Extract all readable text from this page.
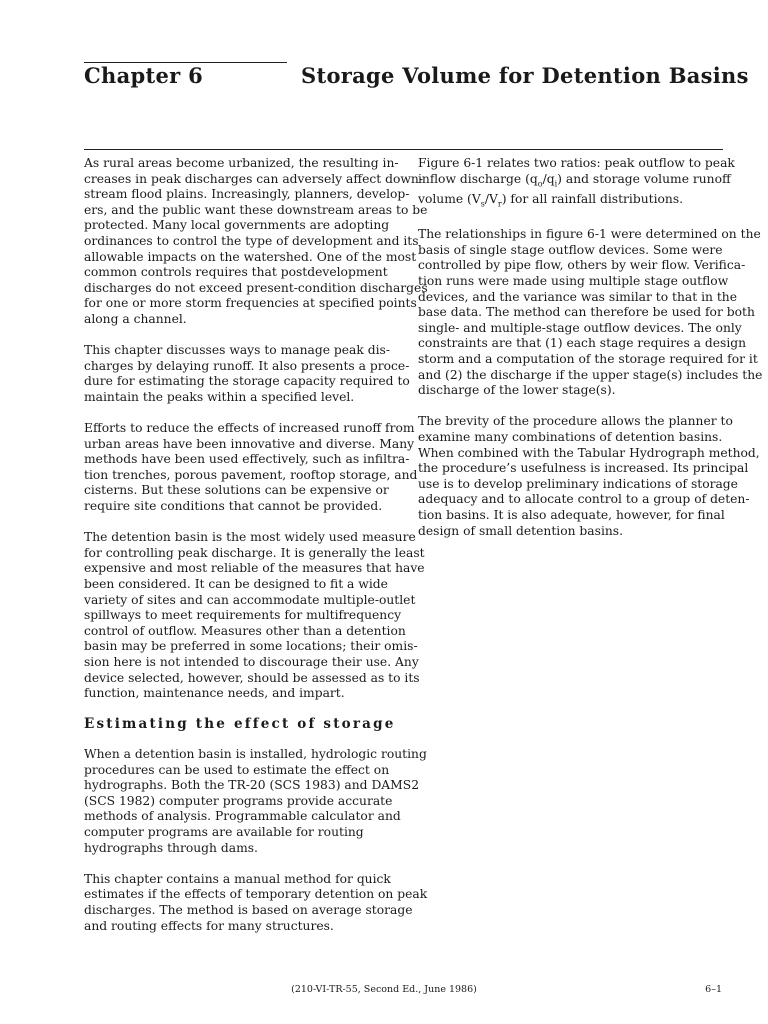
Chapter 6	Storage Volume for Detention Basins

As rural areas become urbanized, the resulting in-
creases in peak discharges can adversely affect down-
stream flood plains. Increasingly, planners, develop-
ers, and the public want these downstream areas to be
protected. Many local governments are adopting
ordinances to control the type of development and its
allowable impacts on the watershed. One of the most
common controls requires that postdevelopment
discharges do not exceed present-condition discharges
for one or more storm frequencies at specified points
along a channel.

This chapter discusses ways to manage peak dis-
charges by delaying runoff. It also presents a proce-
dure for estimating the storage capacity required to
maintain the peaks within a specified level.

Efforts to reduce the effects of increased runoff from
urban areas have been innovative and diverse. Many
methods have been used effectively, such as infiltra-
tion trenches, porous pavement, rooftop storage, and
cisterns. But these solutions can be expensive or
require site conditions that cannot be provided.

The detention basin is the most widely used measure
for controlling peak discharge. It is generally the least
expensive and most reliable of the measures that have
been considered. It can be designed to fit a wide
variety of sites and can accommodate multiple-outlet
spillways to meet requirements for multifrequency
control of outflow. Measures other than a detention
basin may be preferred in some locations; their omis-
sion here is not intended to discourage their use. Any
device selected, however, should be assessed as to its
function, maintenance needs, and impart.

Estimating the effect of storage

When a detention basin is installed, hydrologic routing
procedures can be used to estimate the effect on
hydrographs. Both the TR-20 (SCS 1983) and DAMS2
(SCS 1982) computer programs provide accurate
methods of analysis. Programmable calculator and
computer programs are available for routing
hydrographs through dams.

This chapter contains a manual method for quick
estimates if the effects of temporary detention on peak
discharges. The method is based on average storage
and routing effects for many structures.

Figure 6-1 relates two ratios: peak outflow to peak
inflow discharge $(q_o/q_i)$ and storage volume runoff
volume $(V_s/V_r)$ for all rainfall distributions.

The relationships in figure 6-1 were determined on the
basis of single stage outflow devices. Some were
controlled by pipe flow, others by weir flow. Verifica-
tion runs were made using multiple stage outflow
devices, and the variance was similar to that in the
base data. The method can therefore be used for both
single- and multiple-stage outflow devices. The only
constraints are that (1) each stage requires a design
storm and a computation of the storage required for it
and (2) the discharge if the upper stage(s) includes the
discharge of the lower stage(s).

The brevity of the procedure allows the planner to
examine many combinations of detention basins.
When combined with the Tabular Hydrograph method,
the procedure’s usefulness is increased. Its principal
use is to develop preliminary indications of storage
adequacy and to allocate control to a group of deten-
tion basins. It is also adequate, however, for final
design of small detention basins.

(210-VI-TR-55, Second Ed., June 1986)	6–1
